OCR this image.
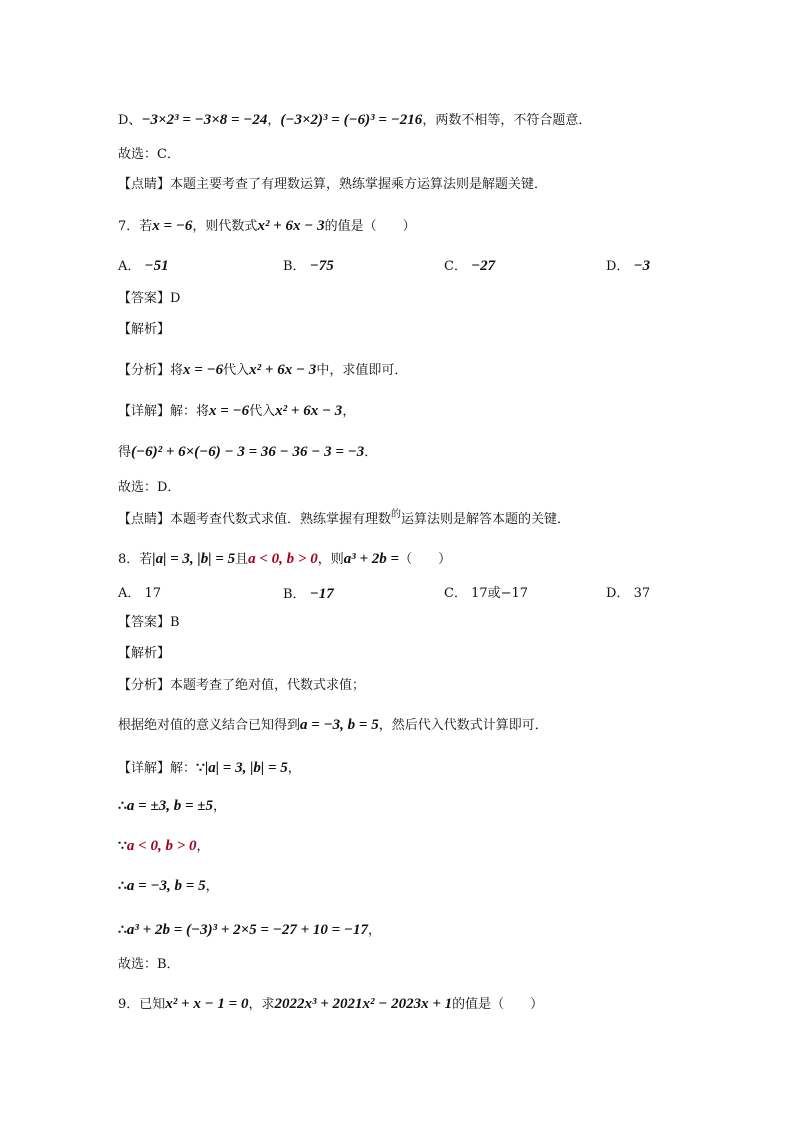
D、−3×2³ = −3×8 = −24，(−3×2)³ = (−6)³ = −216，两数不相等，不符合题意．
故选：C．
【点睛】本题主要考查了有理数运算，熟练掌握乘方运算法则是解题关键．
7．若x = −6，则代数式x² + 6x − 3的值是（　　）
A． −51	B． −75	C． −27	D． −3
【答案】D
【解析】
【分析】将x = −6代入x² + 6x − 3中，求值即可．
【详解】解：将x = −6代入x² + 6x − 3，
得(−6)² + 6×(−6) − 3 = 36 − 36 − 3 = −3．
故选：D．
【点睛】本题考查代数式求值．熟练掌握有理数$^的$运算法则是解答本题的关键．
8．若|a| = 3, |b| = 5且a < 0, b > 0，则a³ + 2b =（　　）
A． 17	B． −17	C． 17或−17	D． 37
【答案】B
【解析】
【分析】本题考查了绝对值，代数式求值；
根据绝对值的意义结合已知得到a = −3, b = 5，然后代入代数式计算即可．
【详解】解：∵|a| = 3, |b| = 5，
∴a = ±3, b = ±5，
∵a < 0, b > 0，
∴a = −3, b = 5，
∴a³ + 2b = (−3)³ + 2×5 = −27 + 10 = −17，
故选：B．
9．已知x² + x − 1 = 0，求2022x³ + 2021x² − 2023x + 1的值是（　　）
